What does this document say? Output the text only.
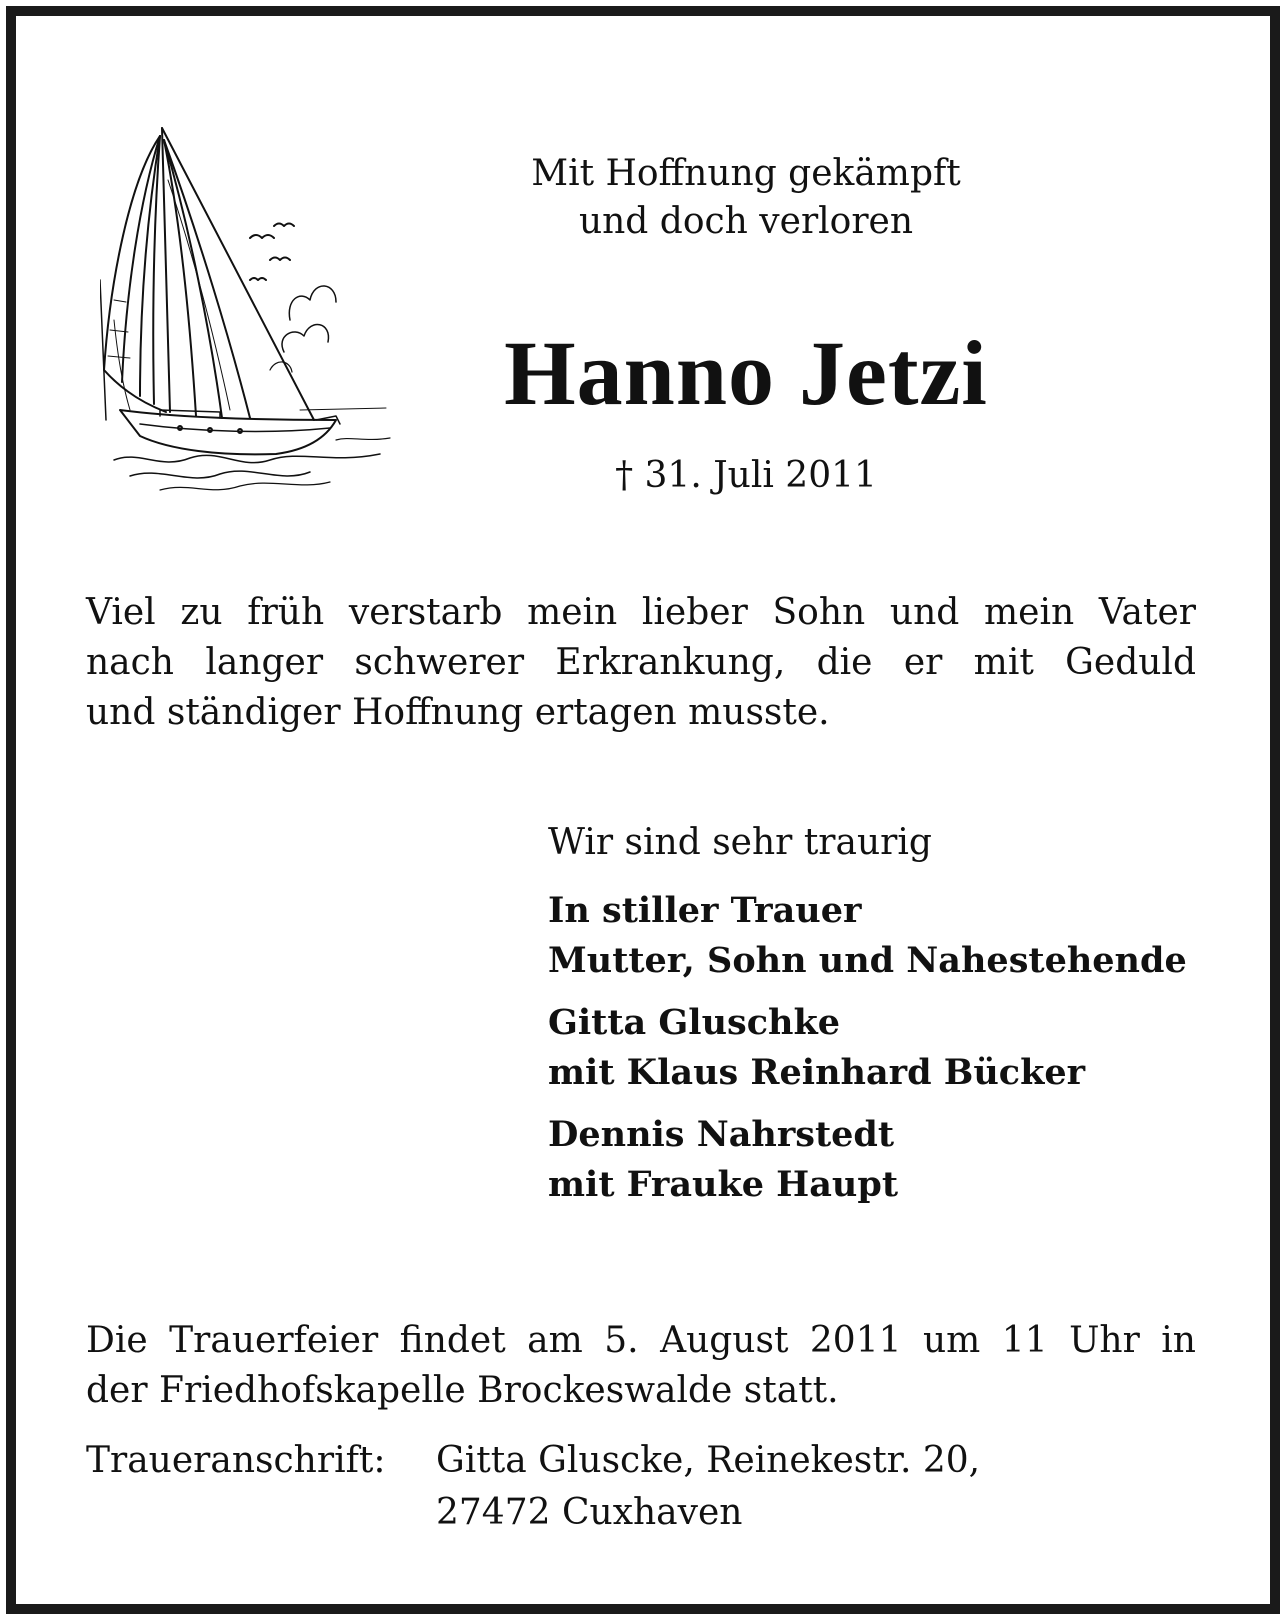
Mit Hoffnung gekämpft
und doch verloren
Hanno Jetzi
† 31. Juli 2011
Viel zu früh verstarb mein lieber Sohn und mein Vater
nach langer schwerer Erkrankung, die er mit Geduld
und ständiger Hoffnung ertagen musste.
Wir sind sehr traurig
In stiller Trauer
Mutter, Sohn und Nahestehende
Gitta Gluschke
mit Klaus Reinhard Bücker
Dennis Nahrstedt
mit Frauke Haupt
Die Trauerfeier findet am 5. August 2011 um 11 Uhr in
der Friedhofskapelle Brockeswalde statt.
Traueranschrift: Gitta Gluscke, Reinekestr. 20,
27472 Cuxhaven
